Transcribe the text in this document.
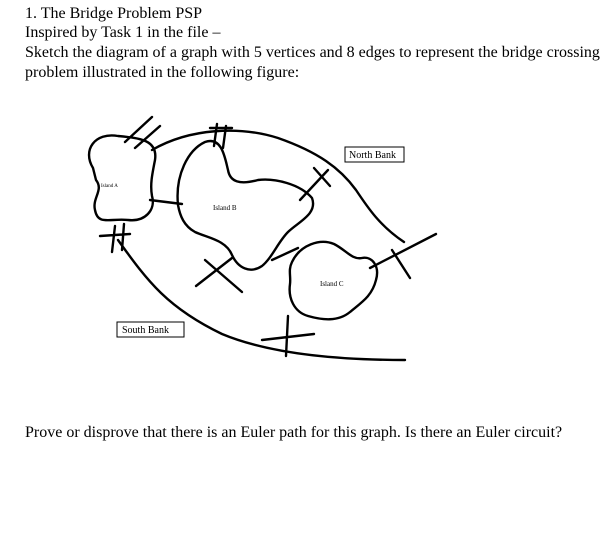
1. The Bridge Problem PSP
Inspired by Task 1 in the file –
Sketch the diagram of a graph with 5 vertices and 8 edges to represent the bridge crossing
problem illustrated in the following figure:
Island A
Island B
Island C
North Bank
South Bank
Prove or disprove that there is an Euler path for this graph. Is there an Euler circuit?
